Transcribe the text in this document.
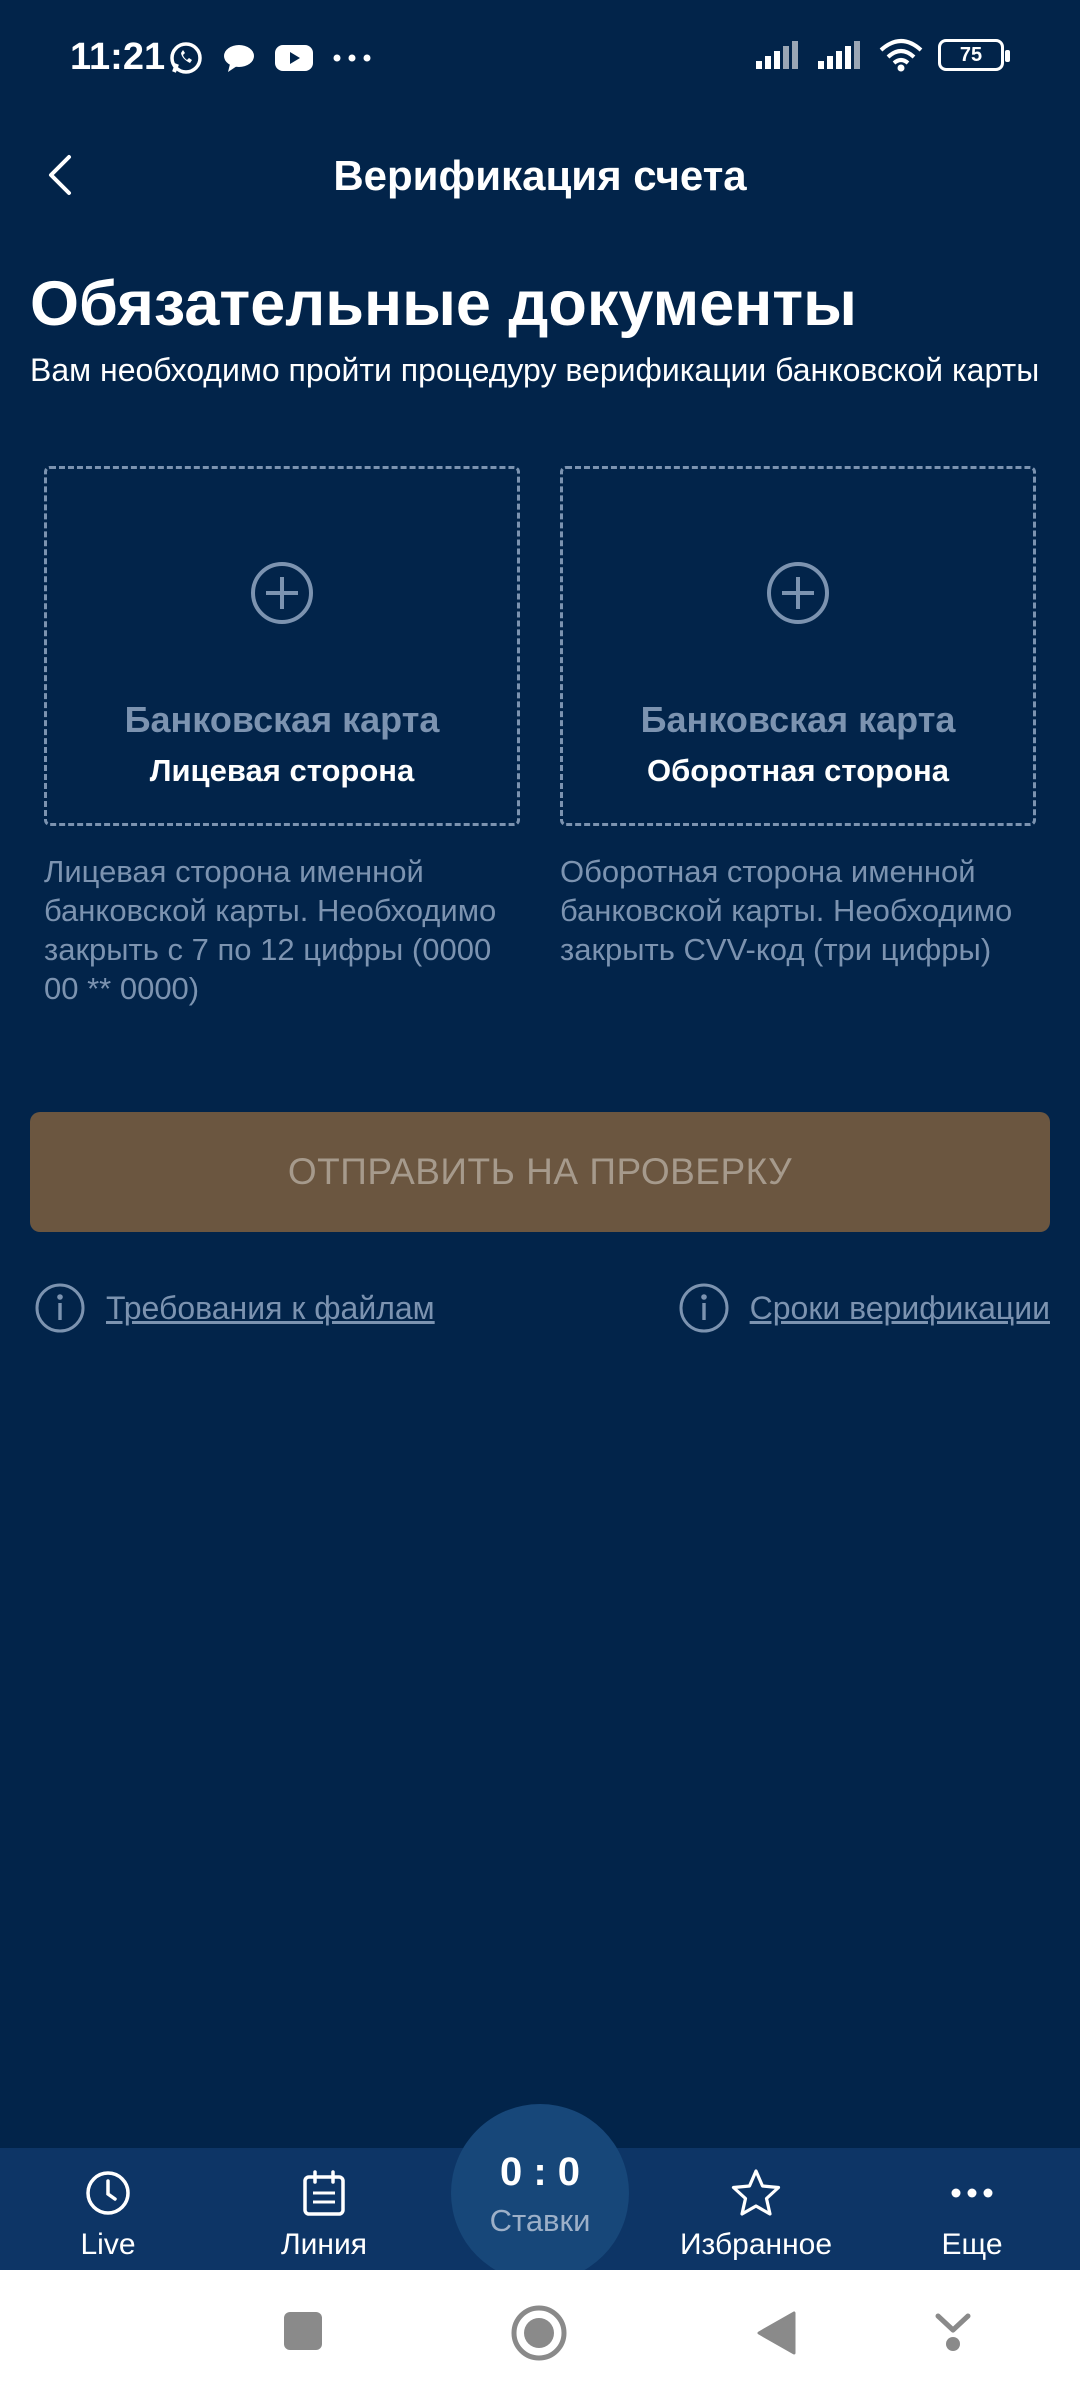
11:21	75
Верификация счета
Обязательные документы
Вам необходимо пройти процедуру верификации банковской карты
Банковская карта
Лицевая сторона
Банковская карта
Оборотная сторона
Лицевая сторона именной банковской карты. Необходимо закрыть с 7 по 12 цифры (0000 00 ** 0000)
Оборотная сторона именной банковской карты. Необходимо закрыть CVV-код (три цифры)
ОТПРАВИТЬ НА ПРОВЕРКУ
Требования к файлам	Сроки верификации
Live	Линия	Избранное	Еще
0 : 0
Ставки
